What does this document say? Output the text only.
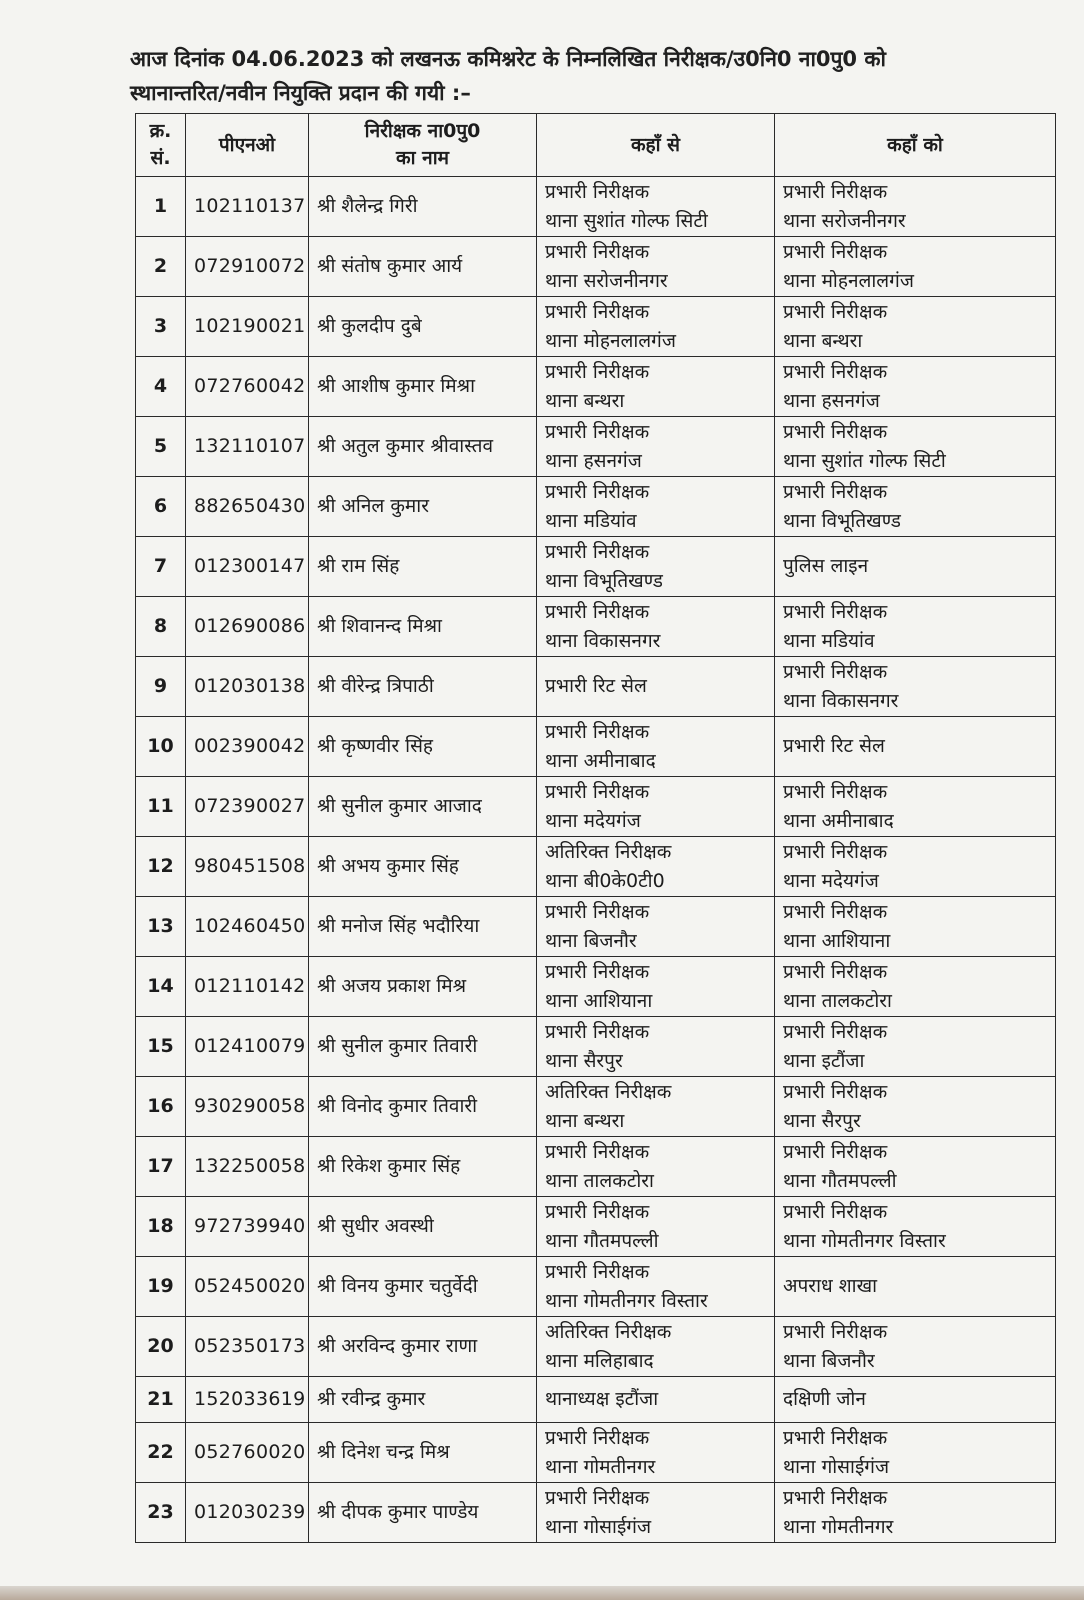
आज दिनांक 04.06.2023 को लखनऊ कमिश्नरेट के निम्नलिखित निरीक्षक/उ0नि0 ना0पु0 को
स्थानान्तरित/नवीन नियुक्ति प्रदान की गयी :–
क्र.
सं.	पीएनओ	निरीक्षक ना0पु0
का नाम	कहाँ से	कहाँ को
1	102110137	श्री शैलेन्द्र गिरी	प्रभारी निरीक्षक
थाना सुशांत गोल्फ सिटी	प्रभारी निरीक्षक
थाना सरोजनीनगर

2	072910072	श्री संतोष कुमार आर्य	प्रभारी निरीक्षक
थाना सरोजनीनगर	प्रभारी निरीक्षक
थाना मोहनलालगंज

3	102190021	श्री कुलदीप दुबे	प्रभारी निरीक्षक
थाना मोहनलालगंज	प्रभारी निरीक्षक
थाना बन्थरा

4	072760042	श्री आशीष कुमार मिश्रा	प्रभारी निरीक्षक
थाना बन्थरा	प्रभारी निरीक्षक
थाना हसनगंज

5	132110107	श्री अतुल कुमार श्रीवास्तव	प्रभारी निरीक्षक
थाना हसनगंज	प्रभारी निरीक्षक
थाना सुशांत गोल्फ सिटी

6	882650430	श्री अनिल कुमार	प्रभारी निरीक्षक
थाना मडियांव	प्रभारी निरीक्षक
थाना विभूतिखण्ड

7	012300147	श्री राम सिंह	प्रभारी निरीक्षक
थाना विभूतिखण्ड	पुलिस लाइन

8	012690086	श्री शिवानन्द मिश्रा	प्रभारी निरीक्षक
थाना विकासनगर	प्रभारी निरीक्षक
थाना मडियांव

9	012030138	श्री वीरेन्द्र त्रिपाठी	प्रभारी रिट सेल	प्रभारी निरीक्षक
थाना विकासनगर

10	002390042	श्री कृष्णवीर सिंह	प्रभारी निरीक्षक
थाना अमीनाबाद	प्रभारी रिट सेल

11	072390027	श्री सुनील कुमार आजाद	प्रभारी निरीक्षक
थाना मदेयगंज	प्रभारी निरीक्षक
थाना अमीनाबाद

12	980451508	श्री अभय कुमार सिंह	अतिरिक्त निरीक्षक
थाना बी0के0टी0	प्रभारी निरीक्षक
थाना मदेयगंज

13	102460450	श्री मनोज सिंह भदौरिया	प्रभारी निरीक्षक
थाना बिजनौर	प्रभारी निरीक्षक
थाना आशियाना

14	012110142	श्री अजय प्रकाश मिश्र	प्रभारी निरीक्षक
थाना आशियाना	प्रभारी निरीक्षक
थाना तालकटोरा

15	012410079	श्री सुनील कुमार तिवारी	प्रभारी निरीक्षक
थाना सैरपुर	प्रभारी निरीक्षक
थाना इटौंजा

16	930290058	श्री विनोद कुमार तिवारी	अतिरिक्त निरीक्षक
थाना बन्थरा	प्रभारी निरीक्षक
थाना सैरपुर

17	132250058	श्री रिकेश कुमार सिंह	प्रभारी निरीक्षक
थाना तालकटोरा	प्रभारी निरीक्षक
थाना गौतमपल्ली

18	972739940	श्री सुधीर अवस्थी	प्रभारी निरीक्षक
थाना गौतमपल्ली	प्रभारी निरीक्षक
थाना गोमतीनगर विस्तार

19	052450020	श्री विनय कुमार चतुर्वेदी	प्रभारी निरीक्षक
थाना गोमतीनगर विस्तार	अपराध शाखा

20	052350173	श्री अरविन्द कुमार राणा	अतिरिक्त निरीक्षक
थाना मलिहाबाद	प्रभारी निरीक्षक
थाना बिजनौर

21	152033619	श्री रवीन्द्र कुमार	थानाध्यक्ष इटौंजा	दक्षिणी जोन

22	052760020	श्री दिनेश चन्द्र मिश्र	प्रभारी निरीक्षक
थाना गोमतीनगर	प्रभारी निरीक्षक
थाना गोसाईगंज

23	012030239	श्री दीपक कुमार पाण्डेय	प्रभारी निरीक्षक
थाना गोसाईगंज	प्रभारी निरीक्षक
थाना गोमतीनगर
